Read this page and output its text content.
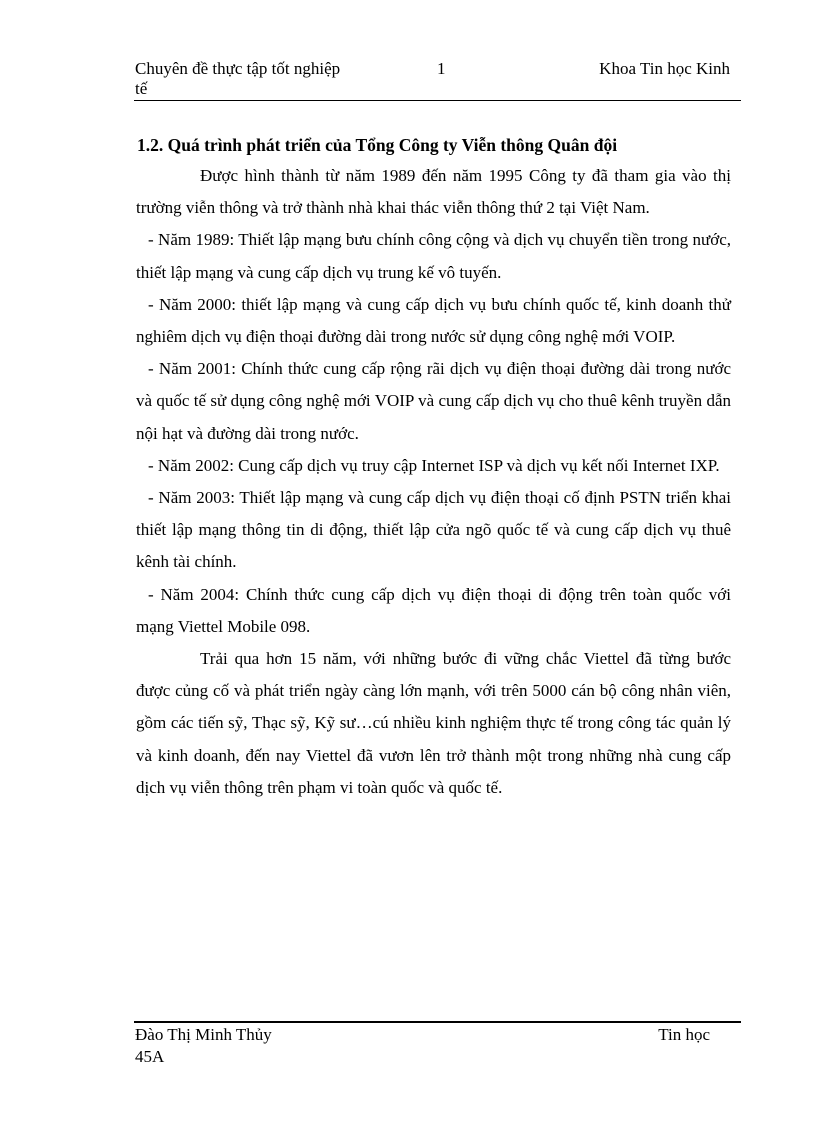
Chuyên đề thực tập tốt nghiệp
tế
1	Khoa Tin học Kinh
1.2. Quá trình phát triển của Tổng Công ty Viễn thông Quân đội

Được hình thành từ năm 1989 đến năm 1995 Công ty đã tham gia vào thị trường viễn thông và trở thành nhà khai thác viễn thông thứ 2 tại Việt Nam.

- Năm 1989: Thiết lập mạng bưu chính công cộng và dịch vụ chuyển tiền trong nước, thiết lập mạng và cung cấp dịch vụ trung kế vô tuyến.

- Năm 2000: thiết lập mạng và cung cấp dịch vụ bưu chính quốc tế, kinh doanh thử nghiêm dịch vụ điện thoại đường dài trong nước sử dụng công nghệ mới VOIP.

- Năm 2001: Chính thức cung cấp rộng rãi dịch vụ điện thoại đường dài trong nước và quốc tế sử dụng công nghệ mới VOIP và cung cấp dịch vụ cho thuê kênh truyền dẫn nội hạt và đường dài trong nước.

- Năm 2002: Cung cấp dịch vụ truy cập Internet ISP và dịch vụ kết nối Internet IXP.

- Năm 2003: Thiết lập mạng và cung cấp dịch vụ điện thoại cố định PSTN triển khai thiết lập mạng thông tin di động, thiết lập cửa ngõ quốc tế và cung cấp dịch vụ thuê kênh tài chính.

- Năm 2004: Chính thức cung cấp dịch vụ điện thoại di động trên toàn quốc với mạng Viettel Mobile 098.

Trải qua hơn 15 năm, với những bước đi vững chắc Viettel đã từng bước được củng cố và phát triển ngày càng lớn mạnh, với trên 5000 cán bộ công nhân viên, gồm các tiến sỹ, Thạc sỹ, Kỹ sư…cú nhiều kinh nghiệm thực tế trong công tác quản lý và kinh doanh, đến nay Viettel đã vươn lên trở thành một trong những nhà cung cấp dịch vụ viễn thông trên phạm vi toàn quốc và quốc tế.

Đào Thị Minh Thủy
45A
Tin học
